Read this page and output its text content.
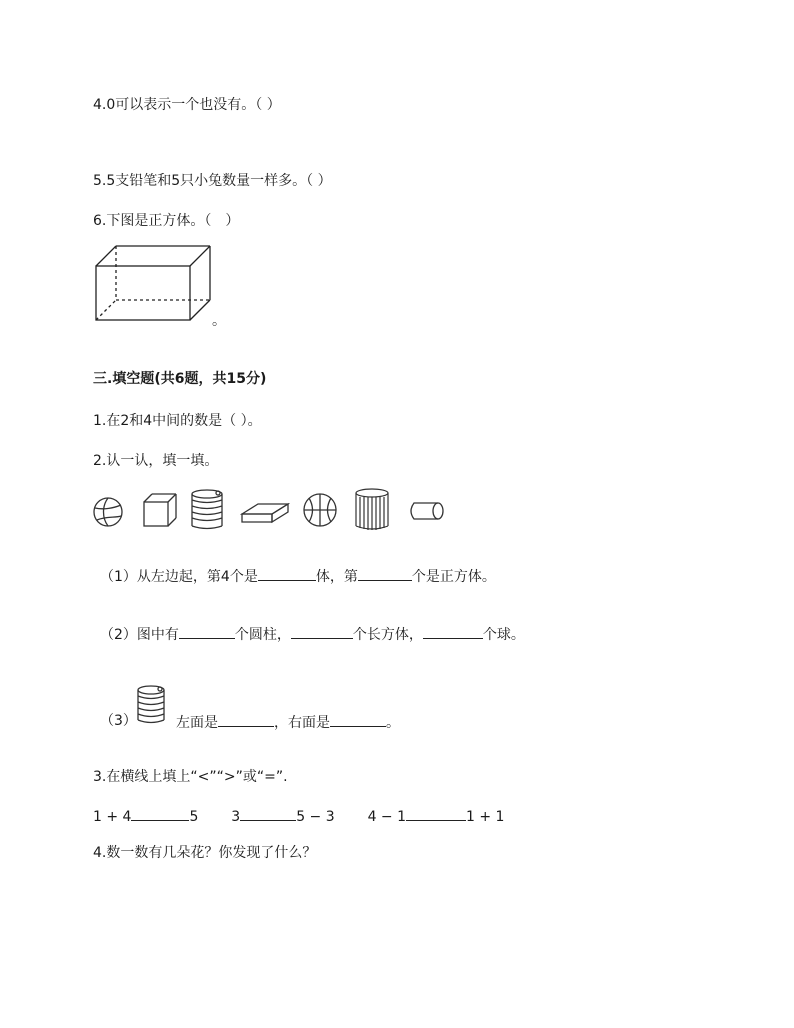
4.0可以表示一个也没有。（ ）
5.5支铅笔和5只小兔数量一样多。（ ）
6.下图是正方体。（　）
。
三.填空题(共6题，共15分)
1.在2和4中间的数是（ ）。
2.认一认，填一填。
（1）从左边起，第4个是	体，第	个是正方体。
（2）图中有	个圆柱，	个长方体，	个球。
（3）	左面是	，右面是	。
3.在横线上填上“<”“>”或“=”.
1 + 4	5 3	5 − 3 4 − 1	1 + 1
4.数一数有几朵花？你发现了什么？
